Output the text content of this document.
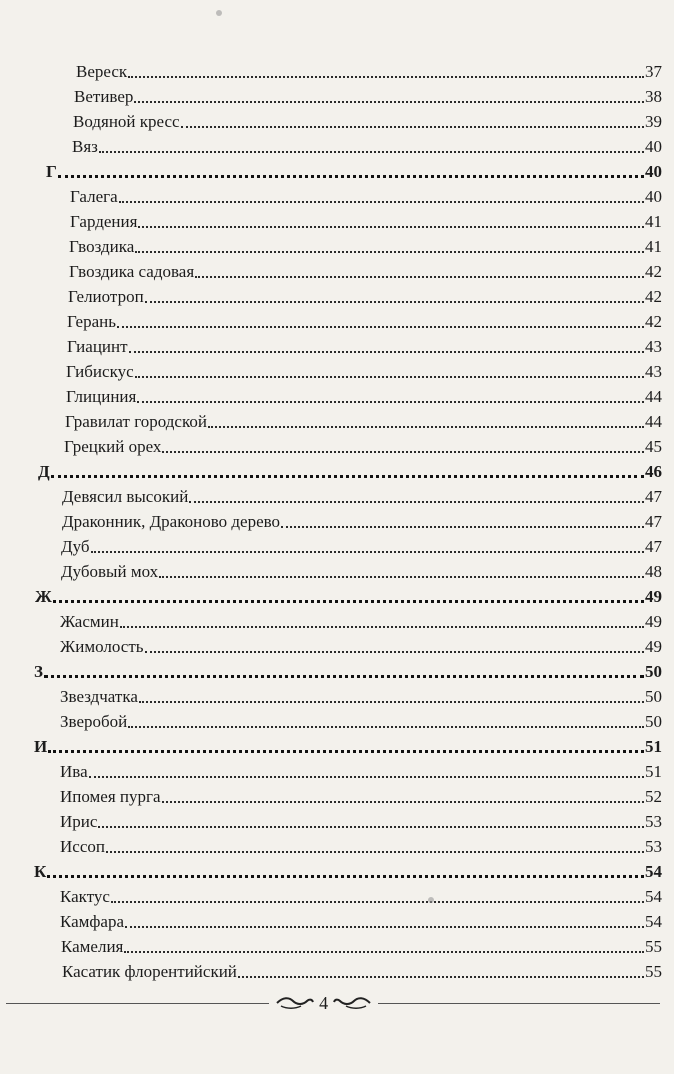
Вереск	37
Ветивер	38
Водяной кресс	39
Вяз	40
Г	40
Галега	40
Гардения	41
Гвоздика	41
Гвоздика садовая	42
Гелиотроп	42
Герань	42
Гиацинт	43
Гибискус	43
Глициния	44
Гравилат городской	44
Грецкий орех	45
Д	46
Девясил высокий	47
Драконник, Драконово дерево	47
Дуб	47
Дубовый мох	48
Ж	49
Жасмин	49
Жимолость	49
З	50
Звездчатка	50
Зверобой	50
И	51
Ива	51
Ипомея пурга	52
Ирис	53
Иссоп	53
К	54
Кактус	54
Камфара	54
Камелия	55
Касатик флорентийский	55
4
